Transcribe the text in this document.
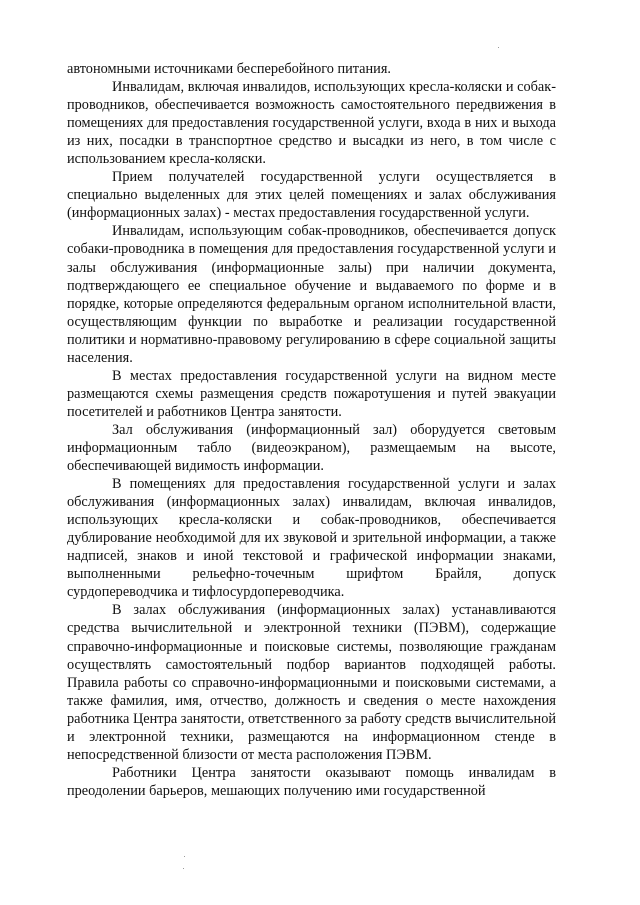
автономными источниками бесперебойного питания.

Инвалидам, включая инвалидов, использующих кресла-коляски и собак-проводников, обеспечивается возможность самостоятельного передвижения в помещениях для предоставления государственной услуги, входа в них и выхода из них, посадки в транспортное средство и высадки из него, в том числе с использованием кресла-коляски.

Прием получателей государственной услуги осуществляется в специально выделенных для этих целей помещениях и залах обслуживания (информационных залах) - местах предоставления государственной услуги.

Инвалидам, использующим собак-проводников, обеспечивается допуск собаки-проводника в помещения для предоставления государственной услуги и залы обслуживания (информационные залы) при наличии документа, подтверждающего ее специальное обучение и выдаваемого по форме и в порядке, которые определяются федеральным органом исполнительной власти, осуществляющим функции по выработке и реализации государственной политики и нормативно-правовому регулированию в сфере социальной защиты населения.

В местах предоставления государственной услуги на видном месте размещаются схемы размещения средств пожаротушения и путей эвакуации посетителей и работников Центра занятости.

Зал обслуживания (информационный зал) оборудуется световым информационным табло (видеоэкраном), размещаемым на высоте, обеспечивающей видимость информации.

В помещениях для предоставления государственной услуги и залах обслуживания (информационных залах) инвалидам, включая инвалидов, использующих кресла-коляски и собак-проводников, обеспечивается дублирование необходимой для их звуковой и зрительной информации, а также надписей, знаков и иной текстовой и графической информации знаками, выполненными рельефно-точечным шрифтом Брайля, допуск сурдопереводчика и тифлосурдопереводчика.

В залах обслуживания (информационных залах) устанавливаются средства вычислительной и электронной техники (ПЭВМ), содержащие справочно-информационные и поисковые системы, позволяющие гражданам осуществлять самостоятельный подбор вариантов подходящей работы. Правила работы со справочно-информационными и поисковыми системами, а также фамилия, имя, отчество, должность и сведения о месте нахождения работника Центра занятости, ответственного за работу средств вычислительной и электронной техники, размещаются на информационном стенде в непосредственной близости от места расположения ПЭВМ.

Работники Центра занятости оказывают помощь инвалидам в преодолении барьеров, мешающих получению ими государственной
